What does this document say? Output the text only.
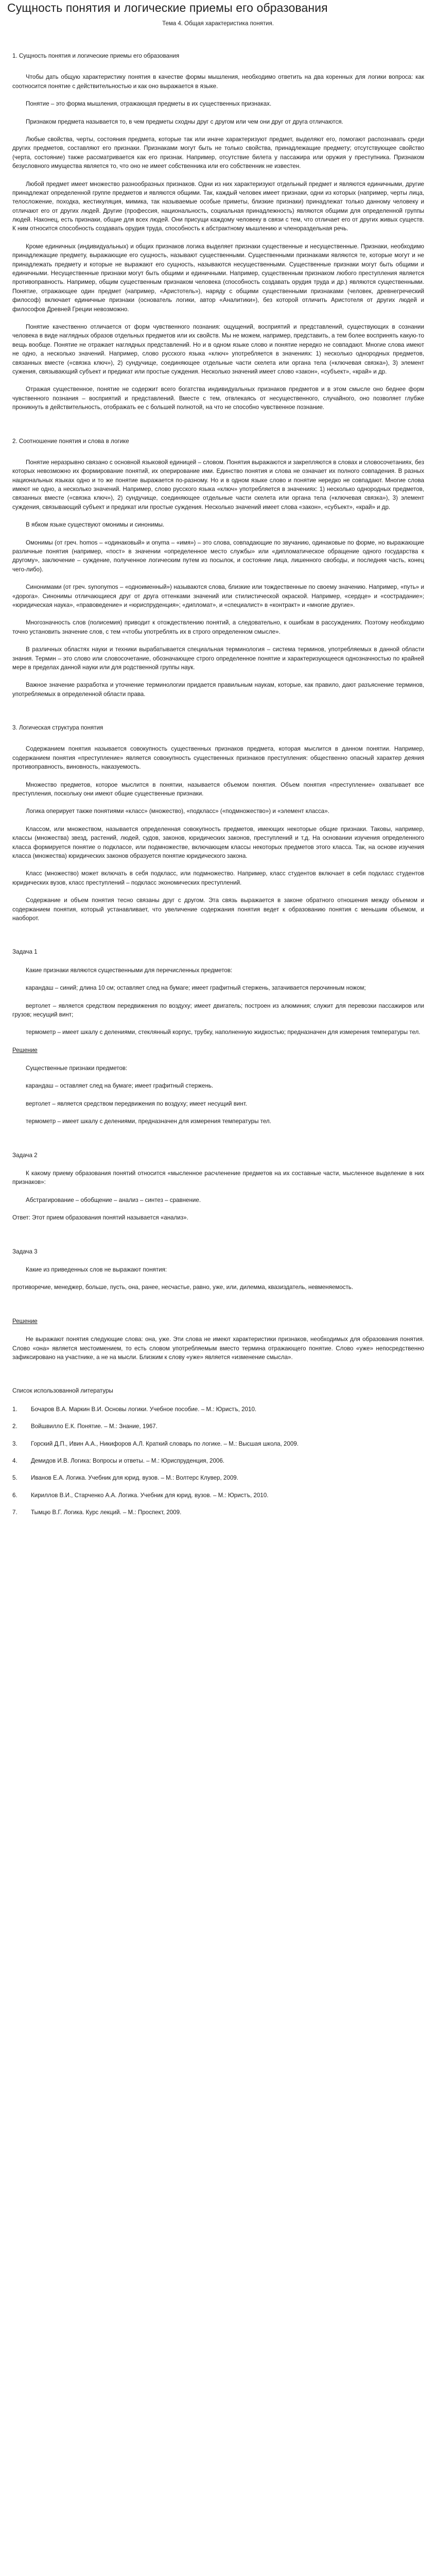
Сущность понятия и логические приемы его образования
Тема 4. Общая характеристика понятия.
1. Сущность понятия и логические приемы его образования

Чтобы дать общую характеристику понятия в качестве формы мышления, необходимо ответить на два коренных для логики вопроса: как соотносится понятие с действительностью и как оно выражается в языке.

Понятие – это форма мышления, отражающая предметы в их существенных признаках.

Признаком предмета называется то, в чем предметы сходны друг с другом или чем они друг от друга отличаются.

Любые свойства, черты, состояния предмета, которые так или иначе характеризуют предмет, выделяют его, помогают распознавать среди других предметов, составляют его признаки. Признаками могут быть не только свойства, принадлежащие предмету; отсутствующее свойство (черта, состояние) также рассматривается как его признак. Например, отсутствие билета у пассажира или оружия у преступника. Признаком безусловного имущества является то, что оно не имеет собственника или его собственник не известен.

Любой предмет имеет множество разнообразных признаков. Одни из них характеризуют отдельный предмет и являются единичными, другие принадлежат определенной группе предметов и являются общими. Так, каждый человек имеет признаки, одни из которых (например, черты лица, телосложение, походка, жестикуляция, мимика, так называемые особые приметы, близкие признаки) принадлежат только данному человеку и отличают его от других людей. Другие (профессия, национальность, социальная принадлежность) являются общими для определенной группы людей. Наконец, есть признаки, общие для всех людей. Они присущи каждому человеку в связи с тем, что отличает его от других живых существ. К ним относится способность создавать орудия труда, способность к абстрактному мышлению и членораздельная речь.

Кроме единичных (индивидуальных) и общих признаков логика выделяет признаки существенные и несущественные. Признаки, необходимо принадлежащие предмету, выражающие его сущность, называют существенными. Существенными признаками являются те, которые могут и не принадлежать предмету и которые не выражают его сущность, называются несущественными. Существенные признаки могут быть общими и единичными. Несущественные признаки могут быть общими и единичными. Например, существенным признаком любого преступления является противоправность. Например, общим существенным признаком человека (способность создавать орудия труда и др.) являются существенными. Понятие, отражающее один предмет (например, «Аристотель»), наряду с общими существенными признаками (человек, древнегреческий философ) включает единичные признаки (основатель логики, автор «Аналитики»), без которой отличить Аристотеля от других людей и философов Древней Греции невозможно.

Понятие качественно отличается от форм чувственного познания: ощущений, восприятий и представлений, существующих в сознании человека в виде наглядных образов отдельных предметов или их свойств. Мы не можем, например, представить, а тем более воспринять какую-то вещь вообще. Понятие не отражает наглядных представлений. Но и в одном языке слово и понятие нередко не совпадают. Многие слова имеют не одно, а несколько значений. Например, слово русского языка «ключ» употребляется в значениях: 1) несколько однородных предметов, связанных вместе («связка ключ»), 2) сундучище, соединяющее отдельные части скелета или органа тела («ключевая связка»), 3) элемент сужения, связывающий субъект и предикат или простые суждения. Несколько значений имеет слово «закон», «субъект», «край» и др.

Отражая существенное, понятие не содержит всего богатства индивидуальных признаков предметов и в этом смысле оно беднее форм чувственного познания – восприятий и представлений. Вместе с тем, отвлекаясь от несущественного, случайного, оно позволяет глубже проникнуть в действительность, отображать ее с большей полнотой, на что не способно чувственное познание.

2. Соотношение понятия и слова в логике

Понятие неразрывно связано с основной языковой единицей – словом. Понятия выражаются и закрепляются в словах и словосочетаниях, без которых невозможно их формирование понятий, их оперирование ими. Единство понятия и слова не означает их полного совпадения. В разных национальных языках одно и то же понятие выражается по-разному. Но и в одном языке слово и понятие нередко не совпадают. Многие слова имеют не одно, а несколько значений. Например, слово русского языка «ключ» употребляется в значениях: 1) несколько однородных предметов, связанных вместе («связка ключ»), 2) сундучище, соединяющее отдельные части скелета или органа тела («ключевая связка»), 3) элемент суждения, связывающий субъект и предикат или простые суждения. Несколько значений имеет слова «закон», «субъект», «край» и др.

В ябком языке существуют омонимы и синонимы.

Омонимы (от греч. homos – «одинаковый» и onyma – «имя») – это слова, совпадающие по звучанию, одинаковые по форме, но выражающие различные понятия (например, «пост» в значении «определенное место службы» или «дипломатическое обращение одного государства к другому», заключение – суждение, полученное логическим путем из посылок, и состояние лица, лишенного свободы, и последняя часть, конец чего-либо).

Синонимами (от греч. synonymos – «одноименный») называются слова, близкие или тождественные по своему значению. Например, «путь» и «дорога». Синонимы отличающиеся друг от друга оттенками значений или стилистической окраской. Например, «сердце» и «сострадание»; «юридическая наука», «правоведение» и «юриспруденция»; «дипломат», и «специалист» в «контракт» и «многие другие».

Многозначность слов (полисемия) приводит к отождествлению понятий, а следовательно, к ошибкам в рассуждениях. Поэтому необходимо точно установить значение слов, с тем «чтобы употреблять их в строго определенном смысле».

В различных областях науки и техники вырабатывается специальная терминология – система терминов, употребляемых в данной области знания. Термин – это слово или словосочетание, обозначающее строго определенное понятие и характеризующееся однозначностью по крайней мере в пределах данной науки или для родственной группы наук.

Важное значение разработка и уточнение терминологии придается правильным наукам, которые, как правило, дают разъяснение терминов, употребляемых в определенной области права.

3. Логическая структура понятия

Содержанием понятия называется совокупность существенных признаков предмета, которая мыслится в данном понятии. Например, содержанием понятия «преступление» является совокупность существенных признаков преступления: общественно опасный характер деяния противоправность, виновность, наказуемость.

Множество предметов, которое мыслится в понятии, называется объемом понятия. Объем понятия «преступление» охватывает все преступления, поскольку они имеют общие существенные признаки.

Логика оперирует также понятиями «класс» (множество), «подкласс» («подмножество») и «элемент класса».

Классом, или множеством, называется определенная совокупность предметов, имеющих некоторые общие признаки. Таковы, например, классы (множества) звезд, растений, людей, судов, законов, юридических законов, преступлений и т.д. На основании изучения определенного класса формируется понятие о подклассе, или подмножестве, включающем классы некоторых предметов этого класса. Так, на основе изучения класса (множества) юридических законов образуется понятие юридического закона.

Класс (множество) может включать в себя подкласс, или подмножество. Например, класс студентов включает в себя подкласс студентов юридических вузов, класс преступлений – подкласс экономических преступлений.

Содержание и объем понятия тесно связаны друг с другом. Эта связь выражается в законе обратного отношения между объемом и содержанием понятия, который устанавливает, что увеличение содержания понятия ведет к образованию понятия с меньшим объемом, и наоборот.

Задача 1

Какие признаки являются существенными для перечисленных предметов:

карандаш – синий; длина 10 см; оставляет след на бумаге; имеет графитный стержень, затачивается перочинным ножом;

вертолет – является средством передвижения по воздуху; имеет двигатель; построен из алюминия; служит для перевозки пассажиров или грузов; несущий винт;

термометр – имеет шкалу с делениями, стеклянный корпус, трубку, наполненную жидкостью; предназначен для измерения температуры тел.

Решение

Существенные признаки предметов:

карандаш – оставляет след на бумаге; имеет графитный стержень.

вертолет – является средством передвижения по воздуху; имеет несущий винт.

термометр – имеет шкалу с делениями, предназначен для измерения температуры тел.

Задача 2

К какому приему образования понятий относится «мысленное расчленение предметов на их составные части, мысленное выделение в них признаков»:

Абстрагирование – обобщение – анализ – синтез – сравнение.

Ответ: Этот прием образования понятий называется «анализ».

Задача 3

Какие из приведенных слов не выражают понятия:

противоречие, менеджер, больше, пусть, она, ранее, несчастье, равно, уже, или, дилемма, квазиздатель, невменяемость.

Решение

Не выражают понятия следующие слова: она, уже. Эти слова не имеют характеристики признаков, необходимых для образования понятия. Слово «она» является местоимением, то есть словом употребляемым вместо термина отражающего понятие. Слово «уже» непосредственно зафиксировано на участнике, а не на мысли. Близким к слову «уже» является «изменение смысла».

Список использованной литературы
1. Бочаров В.А. Маркин В.И. Основы логики. Учебное пособие. – М.: Юристъ, 2010.
2. Войшвилло Е.К. Понятие. – М.: Знание, 1967.
3. Горский Д.П., Ивин А.А., Никифоров А.Л. Краткий словарь по логике. – М.: Высшая школа, 2009.
4. Демидов И.В. Логика: Вопросы и ответы. – М.: Юриспруденция, 2006.
5. Иванов Е.А. Логика. Учебник для юрид. вузов. – М.: Волтерс Клувер, 2009.
6. Кириллов В.И., Старченко А.А. Логика. Учебник для юрид. вузов. – М.: Юристъ, 2010.
7. Тымцю В.Г. Логика. Курс лекций. – М.: Проспект, 2009.
